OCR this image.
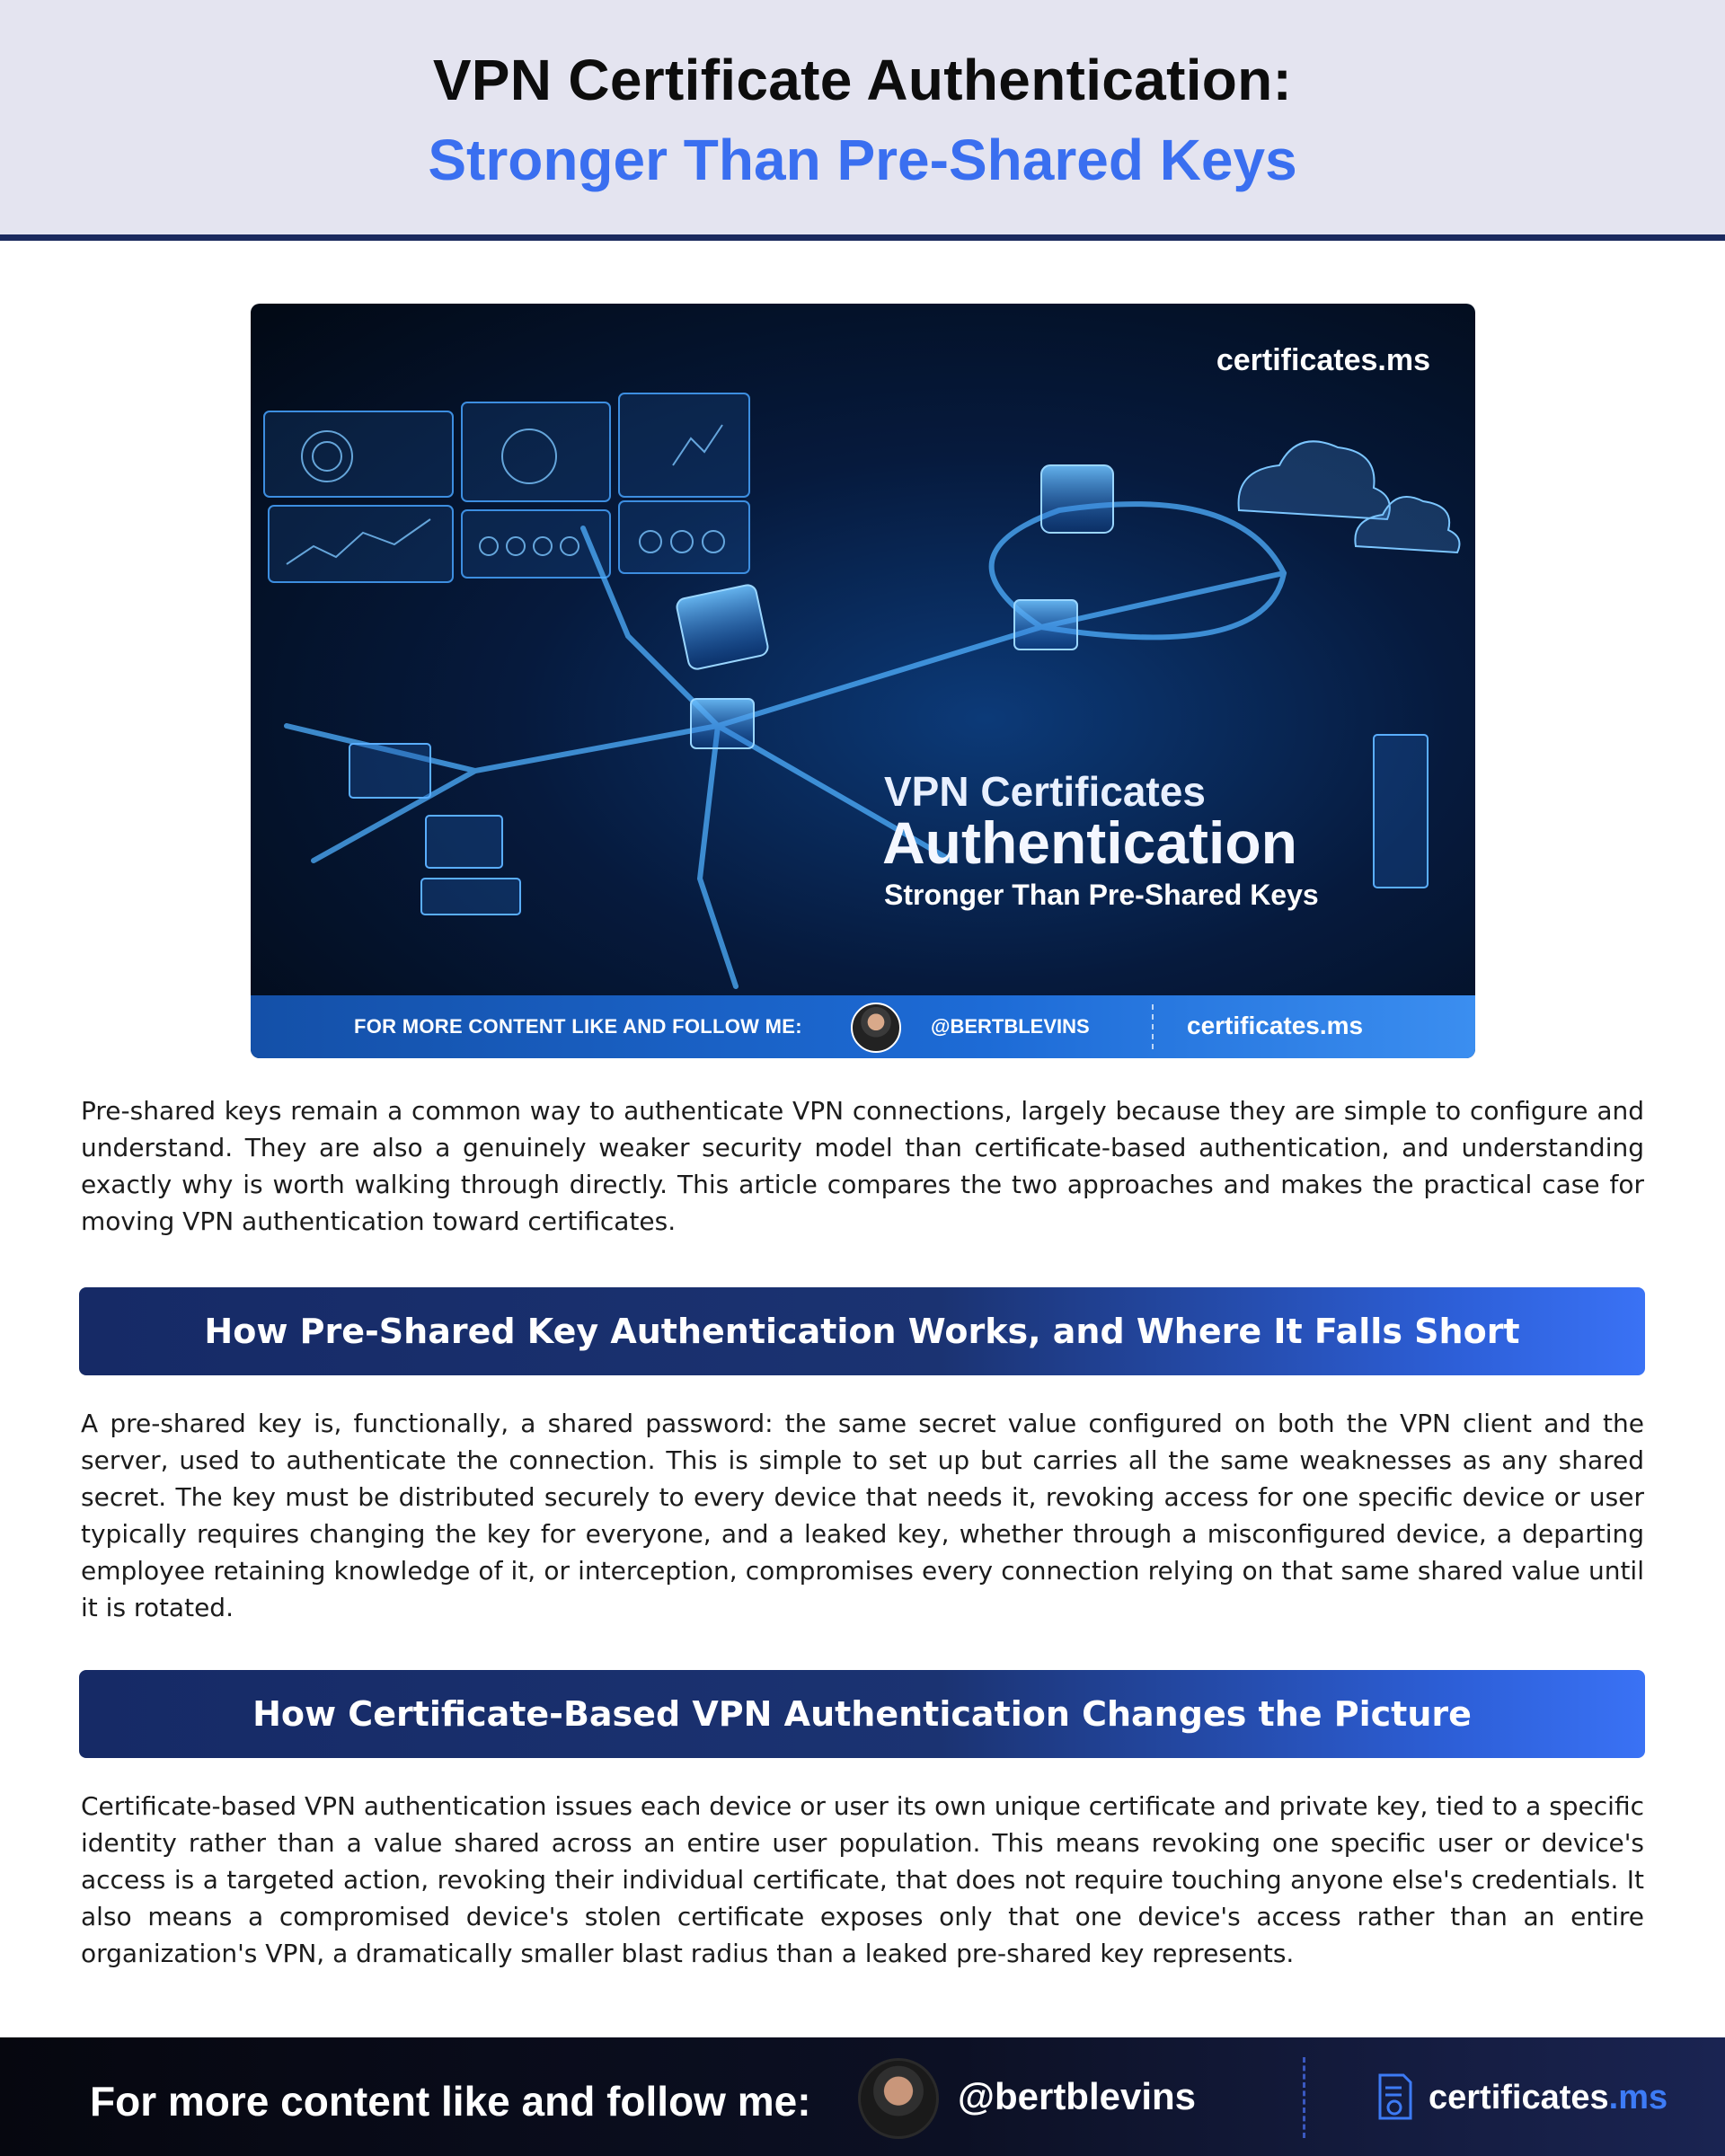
VPN Certificate Authentication:
Stronger Than Pre-Shared Keys
certificates.ms
VPN Certificates
Authentication
Stronger Than Pre-Shared Keys
FOR MORE CONTENT LIKE AND FOLLOW ME:	@BERTBLEVINS	certificates.ms

Pre-shared keys remain a common way to authenticate VPN connections, largely because they are simple to configure and understand. They are also a genuinely weaker security model than certificate-based authentication, and understanding exactly why is worth walking through directly. This article compares the two approaches and makes the practical case for moving VPN authentication toward certificates.

How Pre-Shared Key Authentication Works, and Where It Falls Short

A pre-shared key is, functionally, a shared password: the same secret value configured on both the VPN client and the server, used to authenticate the connection. This is simple to set up but carries all the same weaknesses as any shared secret. The key must be distributed securely to every device that needs it, revoking access for one specific device or user typically requires changing the key for everyone, and a leaked key, whether through a misconfigured device, a departing employee retaining knowledge of it, or interception, compromises every connection relying on that same shared value until it is rotated.

How Certificate-Based VPN Authentication Changes the Picture

Certificate-based VPN authentication issues each device or user its own unique certificate and private key, tied to a specific identity rather than a value shared across an entire user population. This means revoking one specific user or device's access is a targeted action, revoking their individual certificate, that does not require touching anyone else's credentials. It also means a compromised device's stolen certificate exposes only that one device's access rather than an entire organization's VPN, a dramatically smaller blast radius than a leaked pre-shared key represents.

For more content like and follow me:	@bertblevins	certificates.ms
